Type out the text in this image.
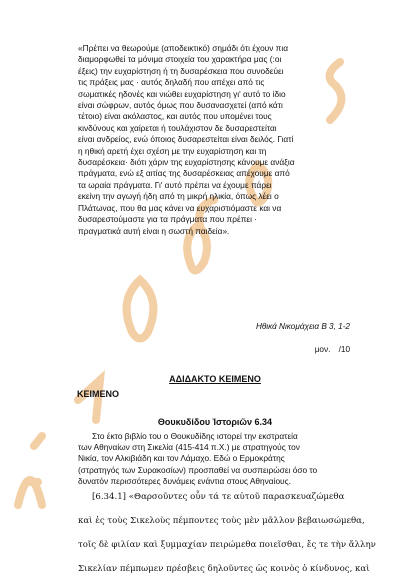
«Πρέπει να θεωρούμε (αποδεικτικό) σημάδι ότι έχουν πια
διαμορφωθεί τα μόνιμα στοιχεία του χαρακτήρα μας (:οι
έξεις) την ευχαρίστηση ή τη δυσαρέσκεια που συνοδεύει
τις πράξεις μας · αυτός δηλαδή που απέχει από τις
σωματικές ηδονές και νιώθει ευχαρίστηση γι' αυτό το ίδιο
είναι σώφρων, αυτός όμως που δυσανασχετεί (από κάτι
τέτοιο) είναι ακόλαστος, και αυτός που υπομένει τους
κινδύνους και χαίρεται ή τουλάχιστον δε δυσαρεστείται
είναι ανδρείος, ενώ όποιος δυσαρεστείται είναι δειλός. Γιατί
η ηθική αρετή έχει σχέση με την ευχαρίστηση και τη
δυσαρέσκεια· διότι χάριν της ευχαρίστησης κάνουμε ανάξια
πράγματα, ενώ εξ αιτίας της δυσαρέσκειας απέχουμε από
τα ωραία πράγματα. Γι' αυτό πρέπει να έχουμε πάρει
εκείνη την αγωγή ήδη από τη μικρή ηλικία, όπως λέει ο
Πλάτωνας, που θα μας κάνει να ευχαριστιόμαστε και να
δυσαρεστούμαστε για τα πράγματα που πρέπει ·
πραγματικά αυτή είναι η σωστή παιδεία».
Ηθικά Νικομάχεια Β 3, 1-2
μον. /10
ΑΔΙΔΑΚΤΟ ΚΕΙΜΕΝΟ
ΚΕΙΜΕΝΟ
Θουκυδίδου Ἱστοριῶν 6.34
Στο έκτο βιβλίο του ο Θουκυδίδης ιστορεί την εκστρατεία
των Αθηναίων στη Σικελία (415-414 π.Χ.) με στρατηγούς τον
Νικία, τον Αλκιβιάδη και τον Λάμαχο. Εδώ ο Ερμοκράτης
(στρατηγός των Συρακοσίων) προσπαθεί να συσπειρώσει όσο το
δυνατόν περισσότερες δυνάμεις ενάντια στους Αθηναίους.
[6.34.1] «Θαρσοῦντες οὖν τά τε αὐτοῦ παρασκευαζώμεθα
καὶ ἐς τοὺς Σικελοὺς πέμποντες τοὺς μὲν μᾶλλον βεβαιωσώμεθα,
τοῖς δὲ φιλίαν καὶ ξυμμαχίαν πειρώμεθα ποιεῖσθαι, ἔς τε τὴν ἄλλην
Σικελίαν πέμπωμεν πρέσβεις δηλοῦντες ὡς κοινὸς ὁ κίνδυνος, καὶ
